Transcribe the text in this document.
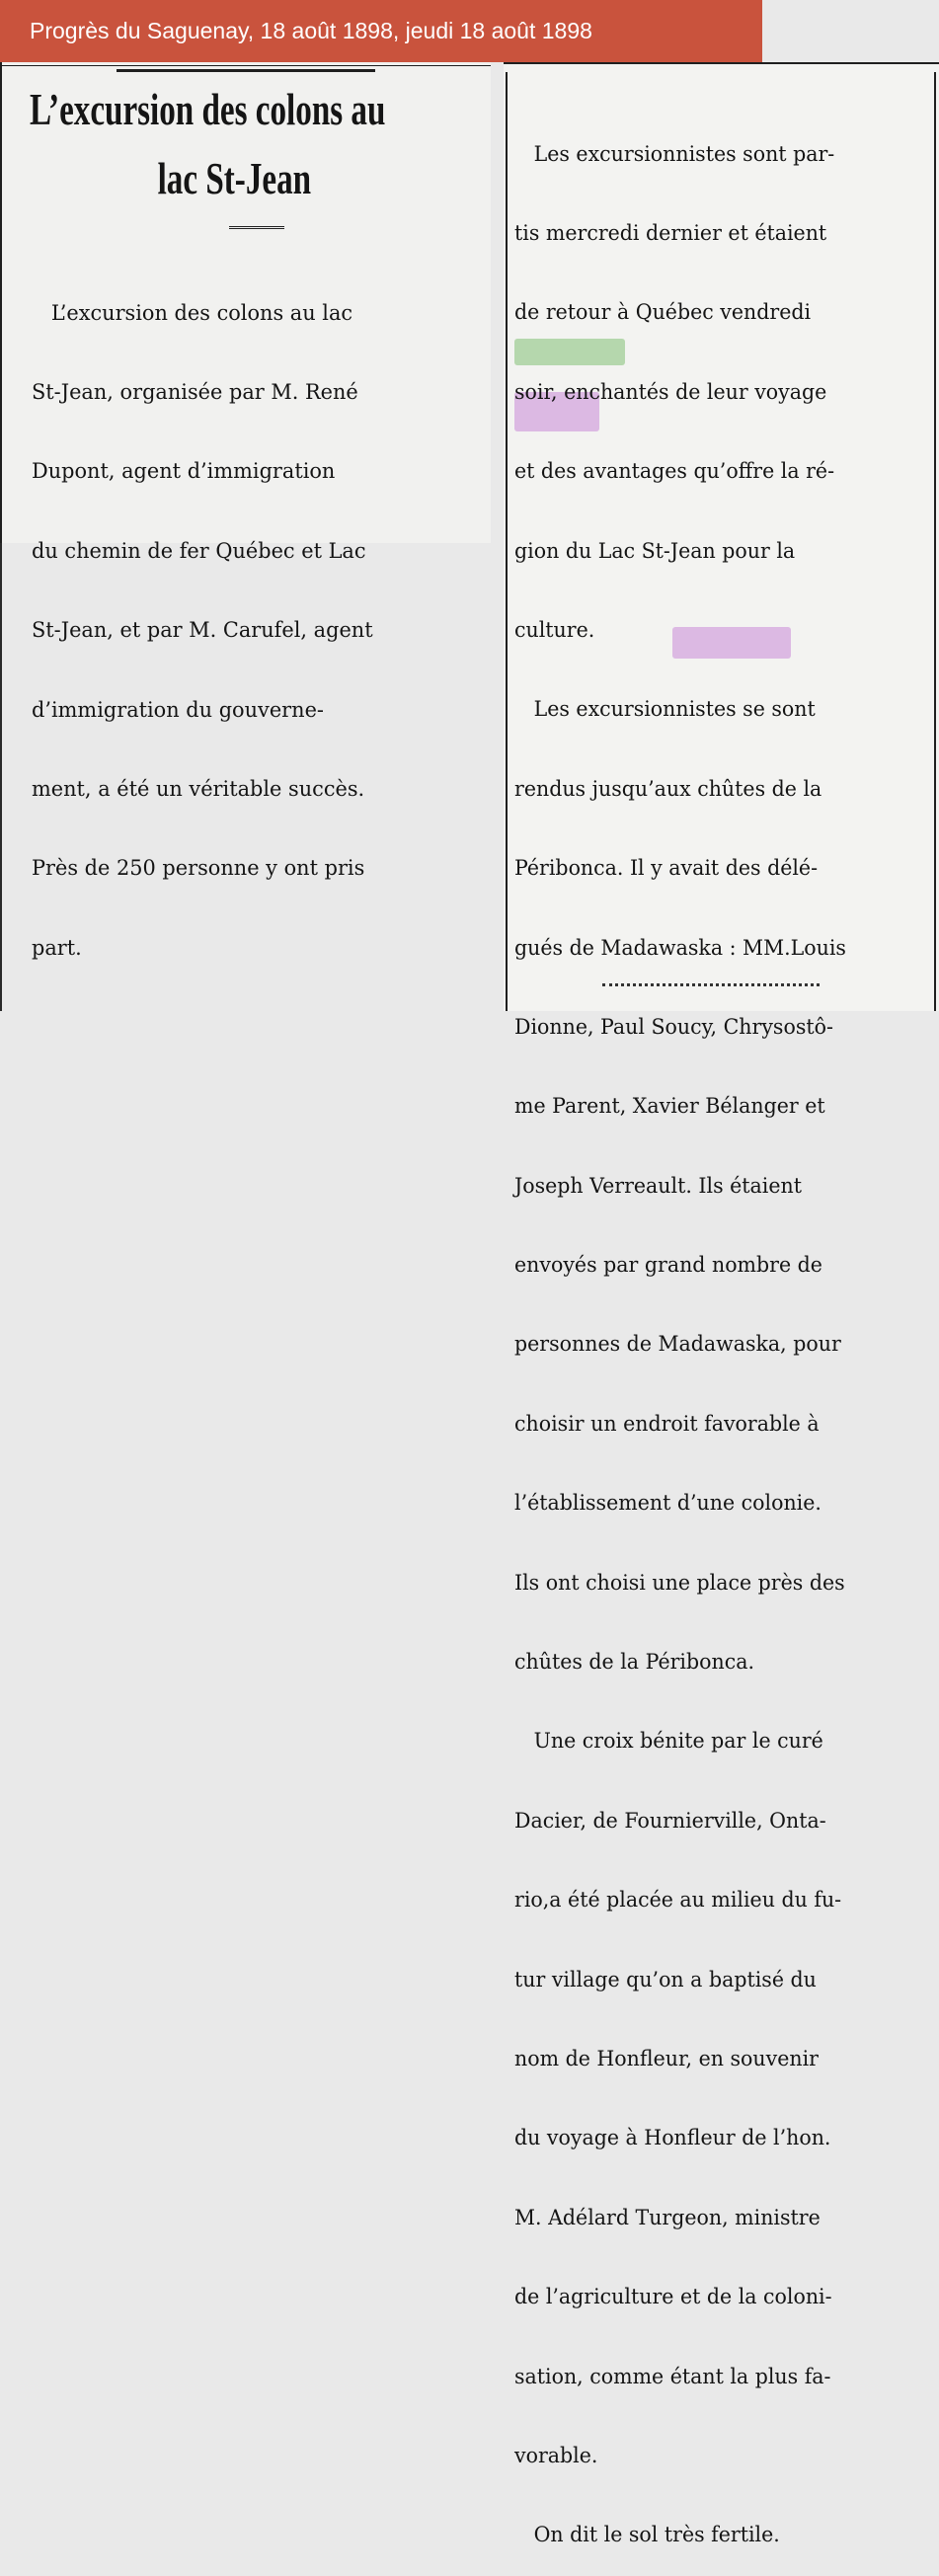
Progrès du Saguenay, 18 août 1898, jeudi 18 août 1898
L’excursion des colons au
lac St-Jean

L’excursion des colons au lac

St-Jean, organisée par M. René

Dupont, agent d’immigration

du chemin de fer Québec et Lac

St-Jean, et par M. Carufel, agent

d’immigration du gouverne-

ment, a été un véritable succès.

Près de 250 personne y ont pris

part.

Les excursionnistes sont par-

tis mercredi dernier et étaient

de retour à Québec vendredi

soir, enchantés de leur voyage

et des avantages qu’offre la ré-

gion du Lac St-Jean pour la

culture.

Les excursionnistes se sont

rendus jusqu’aux chûtes de la

Péribonca. Il y avait des délé-

gués de Madawaska : MM.Louis

Dionne, Paul Soucy, Chrysostô-

me Parent, Xavier Bélanger et

Joseph Verreault. Ils étaient

envoyés par grand nombre de

personnes de Madawaska, pour

choisir un endroit favorable à

l’établissement d’une colonie.

Ils ont choisi une place près des

chûtes de la Péribonca.

Une croix bénite par le curé

Dacier, de Fournierville, Onta-

rio,a été placée au milieu du fu-

tur village qu’on a baptisé du

nom de Honfleur, en souvenir

du voyage à Honfleur de l’hon.

M. Adélard Turgeon, ministre

de l’agriculture et de la coloni-

sation, comme étant la plus fa-

vorable.

On dit le sol très fertile.
